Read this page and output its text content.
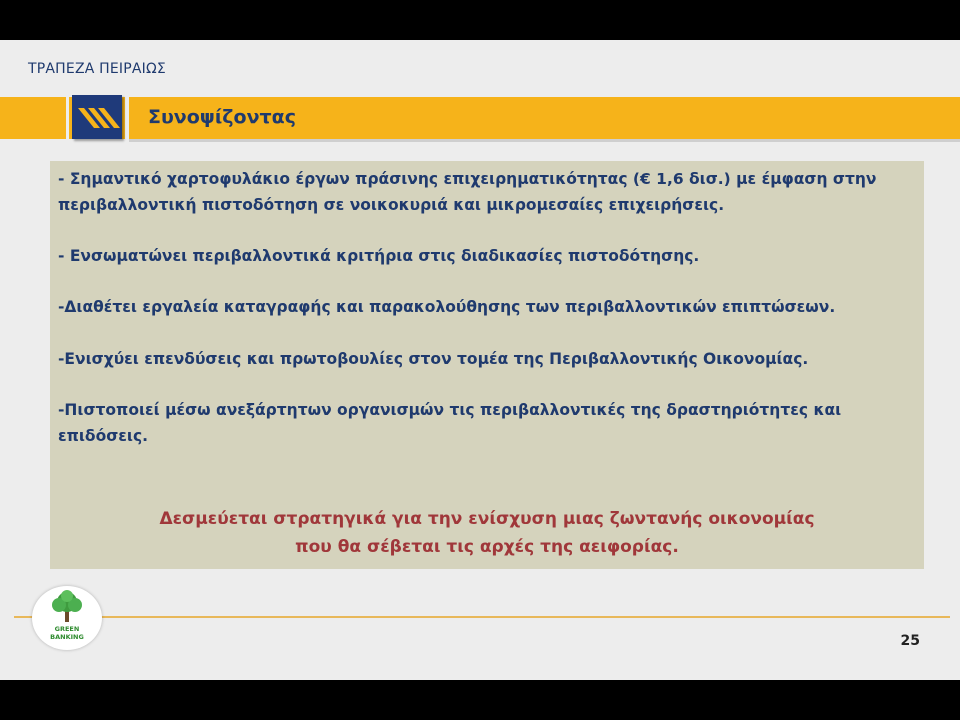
ΤΡΑΠΕΖΑ ΠΕΙΡΑΙΩΣ
Συνοψίζοντας
- Σημαντικό χαρτοφυλάκιο έργων πράσινης επιχειρηματικότητας (€ 1,6 δισ.) με έμφαση στην περιβαλλοντική πιστοδότηση σε νοικοκυριά και μικρομεσαίες επιχειρήσεις.
- Ενσωματώνει περιβαλλοντικά κριτήρια στις διαδικασίες πιστοδότησης.
-Διαθέτει εργαλεία καταγραφής και παρακολούθησης των περιβαλλοντικών επιπτώσεων.
-Ενισχύει επενδύσεις και πρωτοβουλίες στον τομέα της Περιβαλλοντικής Οικονομίας.
-Πιστοποιεί μέσω ανεξάρτητων οργανισμών τις περιβαλλοντικές της δραστηριότητες και επιδόσεις.
Δεσμεύεται στρατηγικά για την ενίσχυση μιας ζωντανής οικονομίας
που θα σέβεται τις αρχές της αειφορίας.
GREEN
BANKING	25
